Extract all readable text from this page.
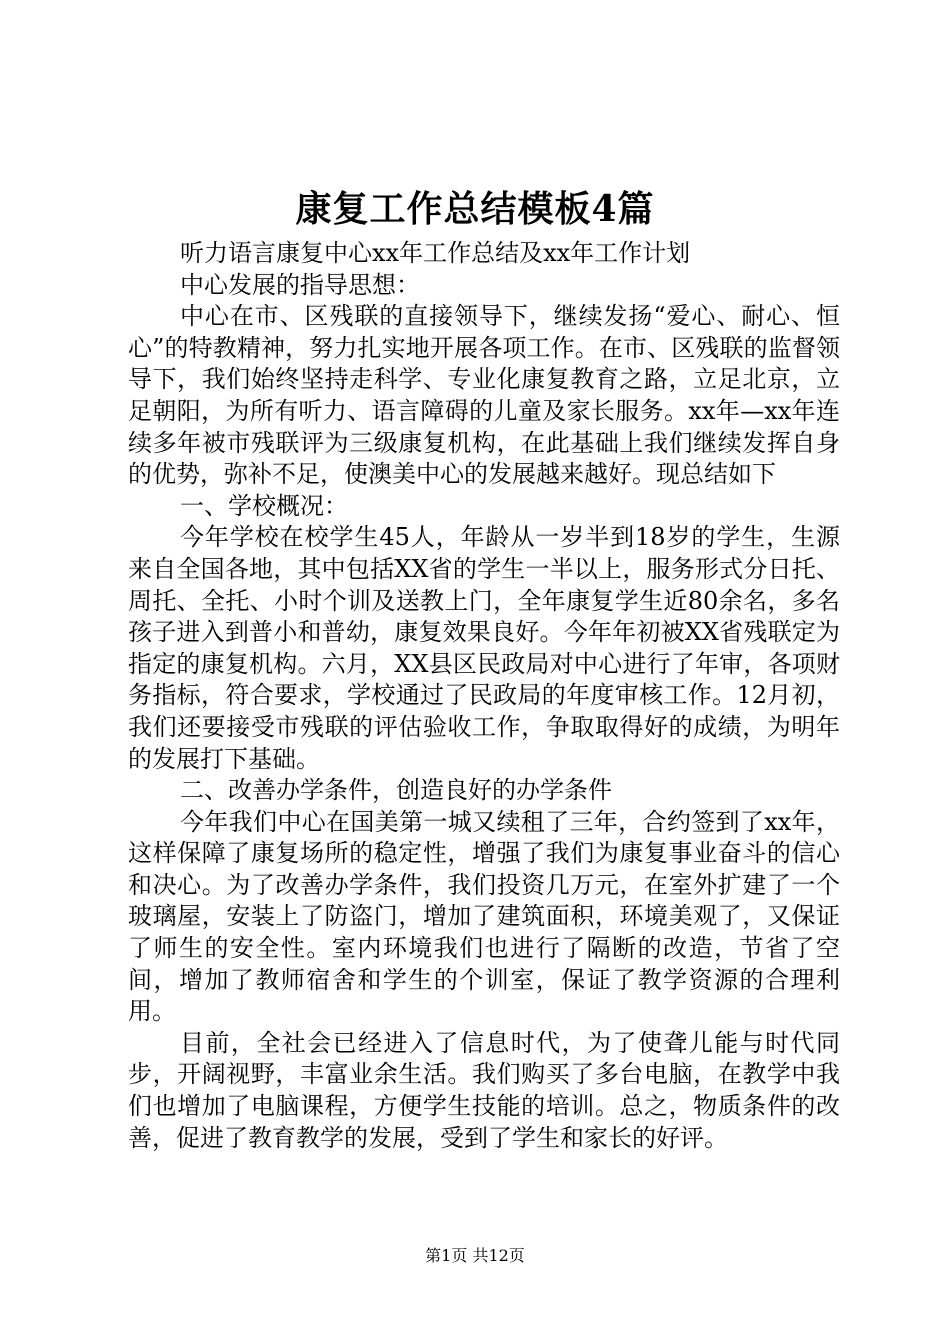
康复工作总结模板4篇

听力语言康复中心xx年工作总结及xx年工作计划

中心发展的指导思想：

中心在市、区残联的直接领导下，继续发扬“爱心、耐心、恒心”的特教精神，努力扎实地开展各项工作。在市、区残联的监督领导下，我们始终坚持走科学、专业化康复教育之路，立足北京，立足朝阳，为所有听力、语言障碍的儿童及家长服务。xx年—xx年连续多年被市残联评为三级康复机构，在此基础上我们继续发挥自身的优势，弥补不足，使澳美中心的发展越来越好。现总结如下

一、学校概况：

今年学校在校学生45人，年龄从一岁半到18岁的学生，生源来自全国各地，其中包括XX省的学生一半以上，服务形式分日托、周托、全托、小时个训及送教上门，全年康复学生近80余名，多名孩子进入到普小和普幼，康复效果良好。今年年初被XX省残联定为指定的康复机构。六月，XX县区民政局对中心进行了年审，各项财务指标，符合要求，学校通过了民政局的年度审核工作。12月初，我们还要接受市残联的评估验收工作，争取取得好的成绩，为明年的发展打下基础。

二、改善办学条件，创造良好的办学条件

今年我们中心在国美第一城又续租了三年，合约签到了xx年，这样保障了康复场所的稳定性，增强了我们为康复事业奋斗的信心和决心。为了改善办学条件，我们投资几万元，在室外扩建了一个玻璃屋，安装上了防盗门，增加了建筑面积，环境美观了，又保证了师生的安全性。室内环境我们也进行了隔断的改造，节省了空间，增加了教师宿舍和学生的个训室，保证了教学资源的合理利用。

目前，全社会已经进入了信息时代，为了使聋儿能与时代同步，开阔视野，丰富业余生活。我们购买了多台电脑，在教学中我们也增加了电脑课程，方便学生技能的培训。总之，物质条件的改善，促进了教育教学的发展，受到了学生和家长的好评。

第1页 共12页
